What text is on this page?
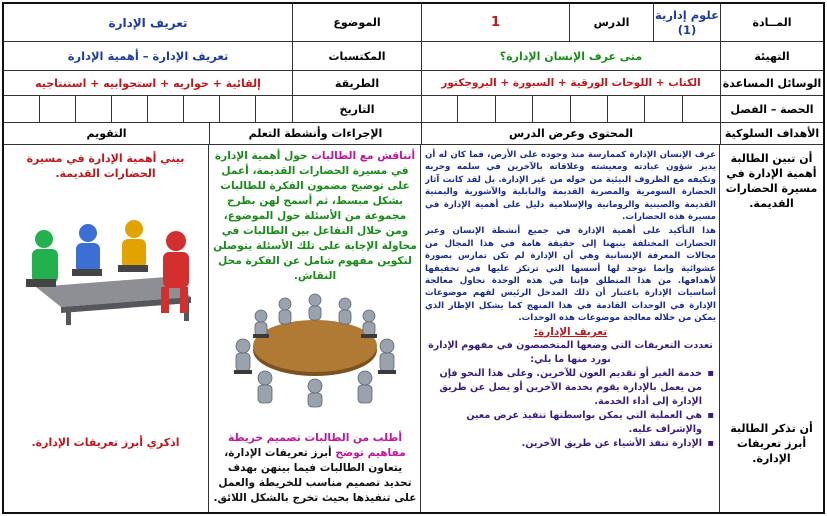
المــادة
علوم إدارية (1)
الدرس
1
الموضوع
تعريف الإدارة
التهيئة
متى عرف الإنسان الإدارة؟
المكتسبات
تعريف الإدارة – أهمية الإدارة
الوسائل المساعدة
الكتاب + اللوحات الورقية + السبورة + البروجكتور
الطريقة
إلقائية + حواريه + استجوابيه + استنتاجيه
الحصة – الفصل
التاريخ
الأهداف السلوكية
المحتوى وعرض الدرس
الإجراءات وأنشطة التعلم
التقويم

أن تبين الطالبة أهمية الإدارة في مسيرة الحضارات القديمة.

أن تذكر الطالبة أبرز تعريفات الإدارة.

عرف الإنسان الإدارة كممارسة منذ وجوده على الأرض، فما كان له أن يدير شؤون عبادته ومعيشته وعلاقاته بالآخرين في سلمه وحربه وتكيفه مع الظروف البيئية من حوله من غير الإدارة. بل لقد كانت آثار الحضارة السومرية والمصرية القديمة والبابلية والآشورية واليمنية القديمة والصينية والرومانية والإسلامية دليل على أهمية الإدارة في مسيرة هذه الحضارات.

هذا التأكيد على أهمية الإدارة في جميع أنشطة الإنسان وعبر الحضارات المختلفة ينبهنا إلى حقيقة هامة في هذا المجال من مجالات المعرفة الإنسانية وهي أن الإدارة لم تكن تمارس بصورة عشوائية وإنما توجد لها أسسها التي ترتكز عليها في تحقيقها لأهدافها. من هذا المنطلق فإننا في هذه الوحدة نحاول معالجة أساسيات الإدارة باعتبار أن ذلك المدخل الرئيس لفهم موضوعات الإدارة في الوحدات القادمة في هذا المنهج كما يشكل الإطار الذي يمكن من خلاله معالجة موضوعات هذه الوحدات.

تعريف الإدارة:

تعددت التعريفات التي وضعها المتخصصون في مفهوم الإدارة نورد منها ما يلي:

▪ خدمة الغير أو تقديم العون للآخرين. وعلى هذا النحو فإن من يعمل بالإدارة يقوم بخدمة الآخرين أو يصل عن طريق الإدارة إلى أداء الخدمة.
▪ هي العملية التي يمكن بواسطتها تنفيذ غرض معين والإشراف عليه.
▪ الإدارة تنفذ الأشياء عن طريق الآخرين.

أتناقش مع الطالبات حول أهمية الإدارة في مسيرة الحضارات القديمة، أعمل على توضيح مضمون الفكرة للطالبات بشكل مبسط، ثم أسمح لهن بطرح مجموعة من الأسئلة حول الموضوع، ومن خلال التفاعل بين الطالبات في محاولة الإجابة على تلك الأسئلة يتوصلن لتكوين مفهوم شامل عن الفكرة محل النقاش.

أطلب من الطالبات تصميم خريطة مفاهيم توضح أبرز تعريفات الإدارة، يتعاون الطالبات فيما بينهن بهدف تحديد تصميم مناسب للخريطة والعمل على تنفيذها بحيث تخرج بالشكل اللائق.

بيني أهمية الإدارة في مسيرة الحضارات القديمة.

اذكري أبرز تعريفات الإدارة.
